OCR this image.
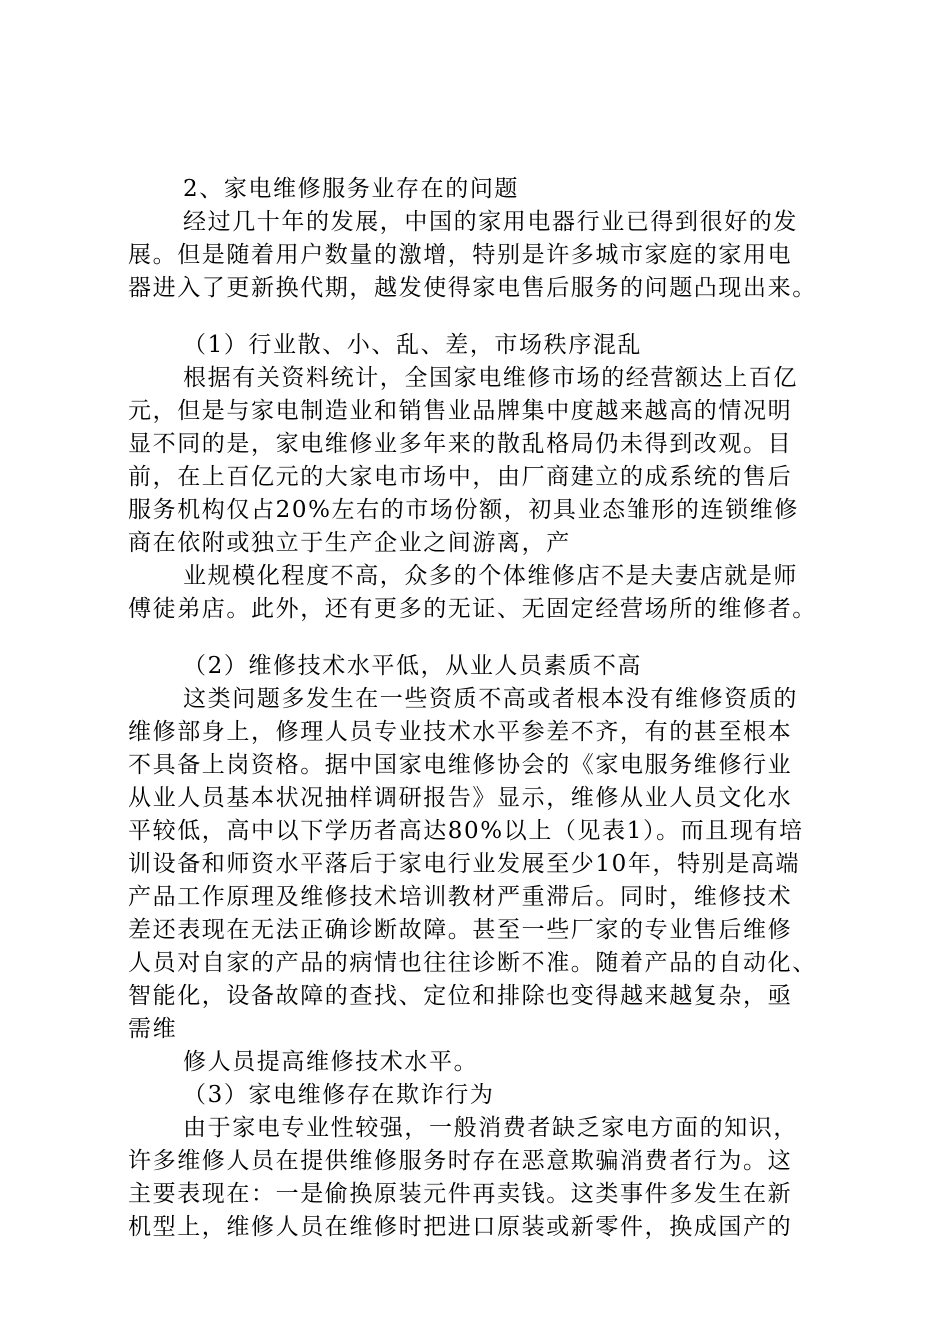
2、家电维修服务业存在的问题

经过几十年的发展，中国的家用电器行业已得到很好的发

展。但是随着用户数量的激增，特别是许多城市家庭的家用电

器进入了更新换代期，越发使得家电售后服务的问题凸现出来。

（1）行业散、小、乱、差，市场秩序混乱

根据有关资料统计，全国家电维修市场的经营额达上百亿

元，但是与家电制造业和销售业品牌集中度越来越高的情况明

显不同的是，家电维修业多年来的散乱格局仍未得到改观。目

前，在上百亿元的大家电市场中，由厂商建立的成系统的售后

服务机构仅占20%左右的市场份额，初具业态雏形的连锁维修

商在依附或独立于生产企业之间游离，产

业规模化程度不高，众多的个体维修店不是夫妻店就是师

傅徒弟店。此外，还有更多的无证、无固定经营场所的维修者。

（2）维修技术水平低，从业人员素质不高

这类问题多发生在一些资质不高或者根本没有维修资质的

维修部身上，修理人员专业技术水平参差不齐，有的甚至根本

不具备上岗资格。据中国家电维修协会的《家电服务维修行业

从业人员基本状况抽样调研报告》显示，维修从业人员文化水

平较低，高中以下学历者高达80%以上（见表1）。而且现有培

训设备和师资水平落后于家电行业发展至少10年，特别是高端

产品工作原理及维修技术培训教材严重滞后。同时，维修技术

差还表现在无法正确诊断故障。甚至一些厂家的专业售后维修

人员对自家的产品的病情也往往诊断不准。随着产品的自动化、

智能化，设备故障的查找、定位和排除也变得越来越复杂，亟

需维

修人员提高维修技术水平。

（3）家电维修存在欺诈行为

由于家电专业性较强，一般消费者缺乏家电方面的知识，

许多维修人员在提供维修服务时存在恶意欺骗消费者行为。这

主要表现在：一是偷换原装元件再卖钱。这类事件多发生在新

机型上，维修人员在维修时把进口原装或新零件，换成国产的
